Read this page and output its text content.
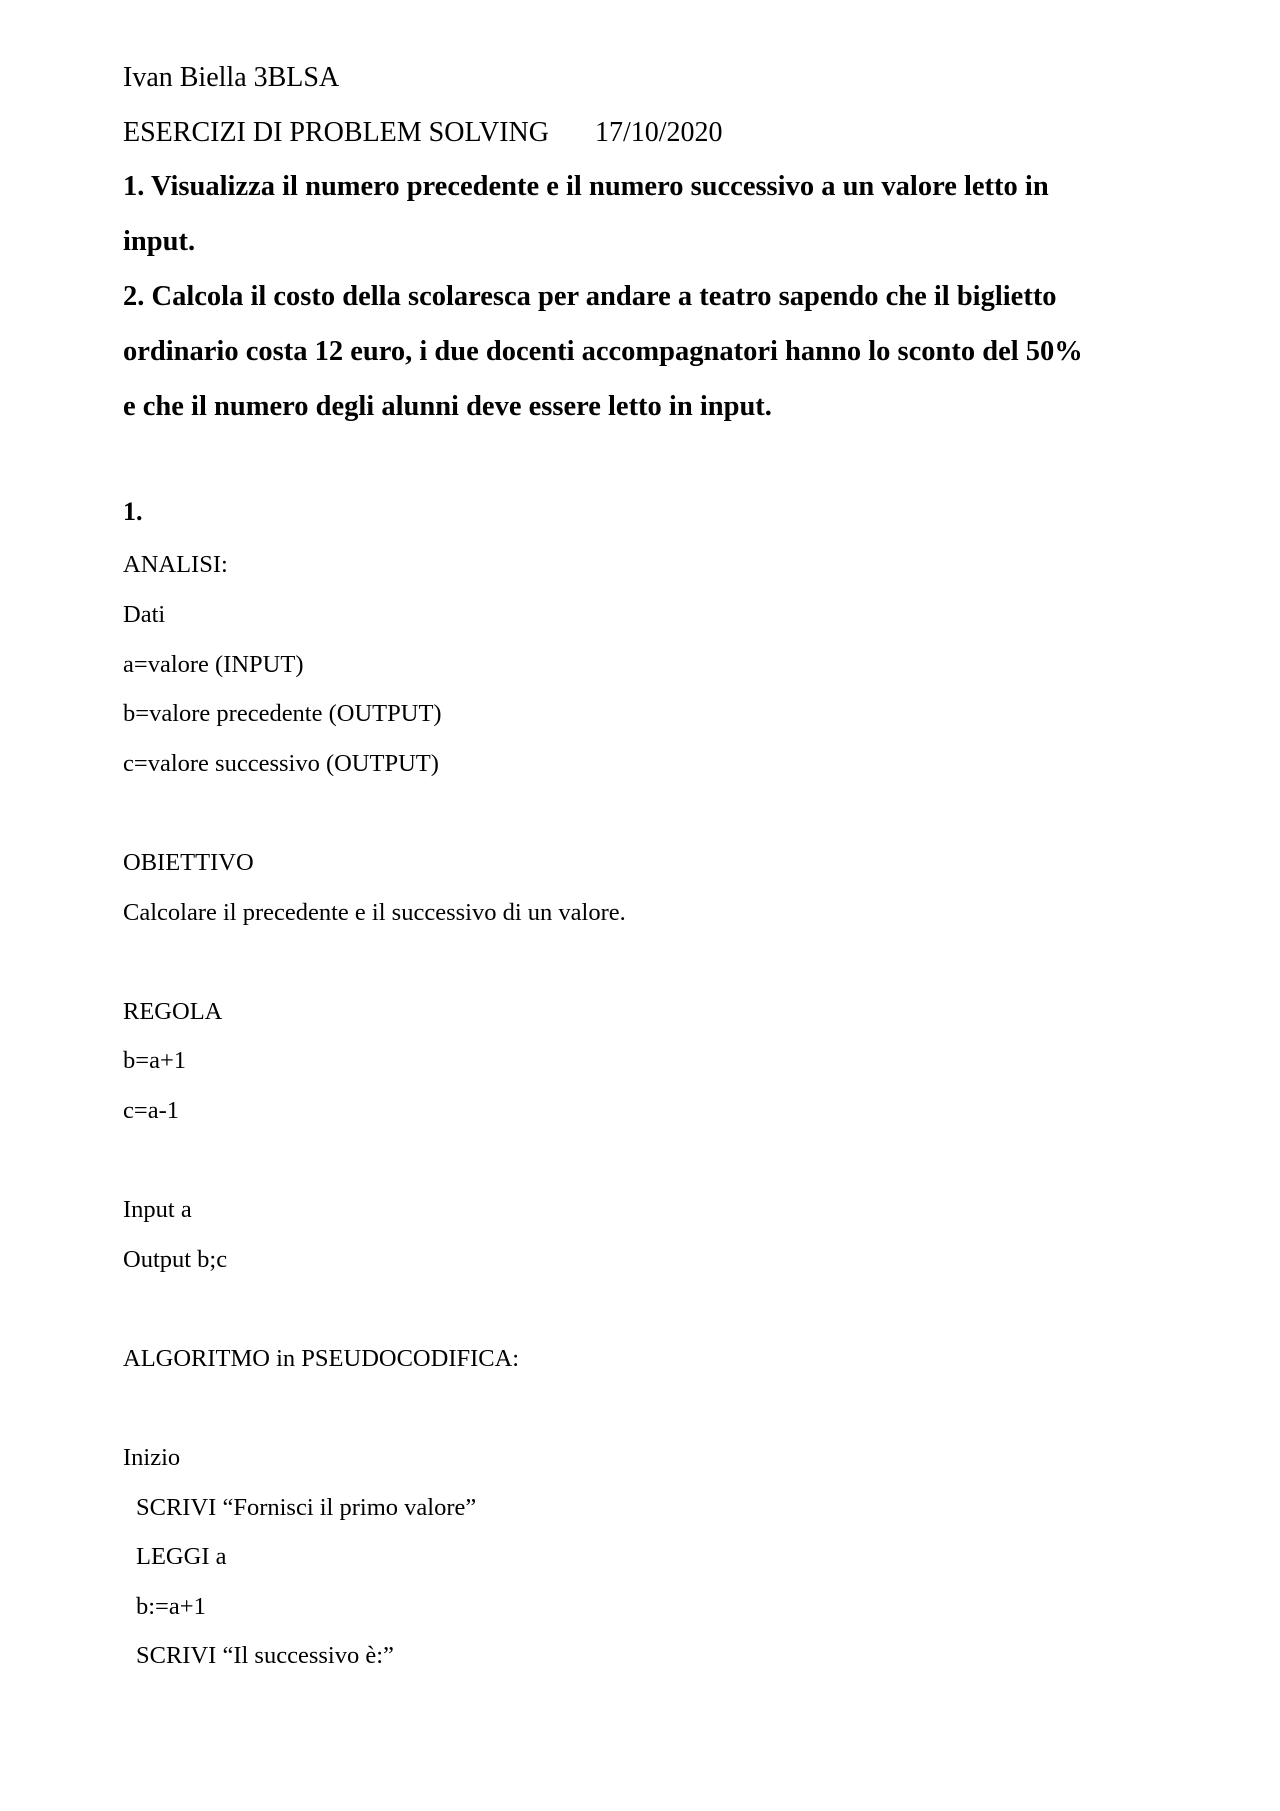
Ivan Biella 3BLSA
ESERCIZI DI PROBLEM SOLVING 17/10/2020
1. Visualizza il numero precedente e il numero successivo a un valore letto in
input.
2. Calcola il costo della scolaresca per andare a teatro sapendo che il biglietto
ordinario costa 12 euro, i due docenti accompagnatori hanno lo sconto del 50%
e che il numero degli alunni deve essere letto in input.
1.
ANALISI:
Dati
a=valore (INPUT)
b=valore precedente (OUTPUT)
c=valore successivo (OUTPUT)
OBIETTIVO
Calcolare il precedente e il successivo di un valore.
REGOLA
b=a+1
c=a-1
Input a
Output b;c
ALGORITMO in PSEUDOCODIFICA:
Inizio
SCRIVI “Fornisci il primo valore”
LEGGI a
b:=a+1
SCRIVI “Il successivo è:”
